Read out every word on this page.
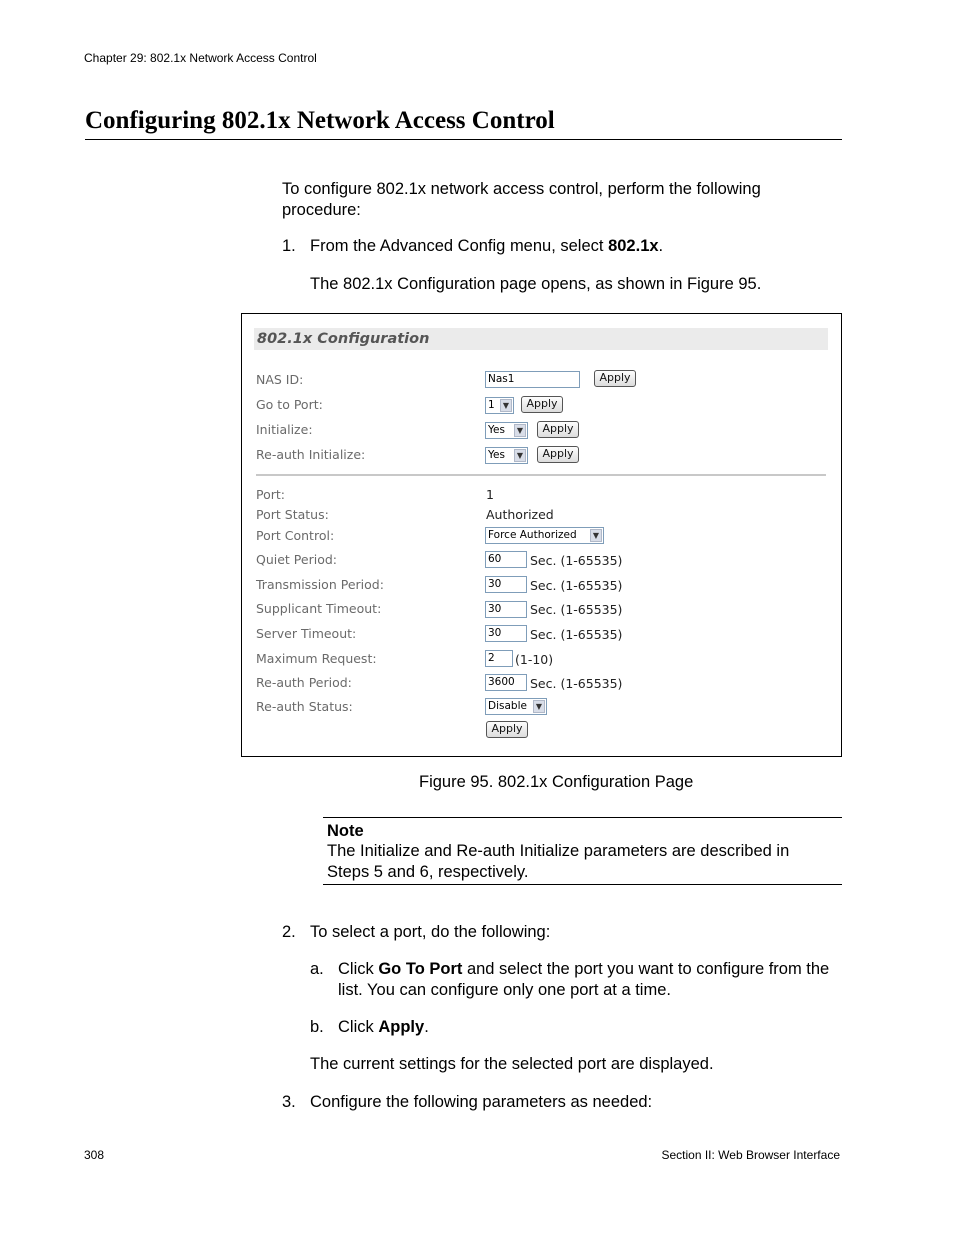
Chapter 29: 802.1x Network Access Control
Configuring 802.1x Network Access Control
To configure 802.1x network access control, perform the following procedure:
1. From the Advanced Config menu, select 802.1x.
The 802.1x Configuration page opens, as shown in Figure 95.
802.1x Configuration
NAS ID:	Nas1	Apply
Go to Port:	1	▼	Apply
Initialize:	Yes	▼	Apply
Re-auth Initialize:	Yes	▼	Apply
Port:	1
Port Status:	Authorized
Port Control:	Force Authorized	▼
Quiet Period:	60	Sec. (1-65535)
Transmission Period:	30	Sec. (1-65535)
Supplicant Timeout:	30	Sec. (1-65535)
Server Timeout:	30	Sec. (1-65535)
Maximum Request:	2	(1-10)
Re-auth Period:	3600	Sec. (1-65535)
Re-auth Status:	Disable	▼
Apply
Figure 95. 802.1x Configuration Page
Note
The Initialize and Re-auth Initialize parameters are described in Steps 5 and 6, respectively.
2. To select a port, do the following:
a. Click Go To Port and select the port you want to configure from the list. You can configure only one port at a time.
b. Click Apply.
The current settings for the selected port are displayed.
3. Configure the following parameters as needed:
308	Section II: Web Browser Interface
